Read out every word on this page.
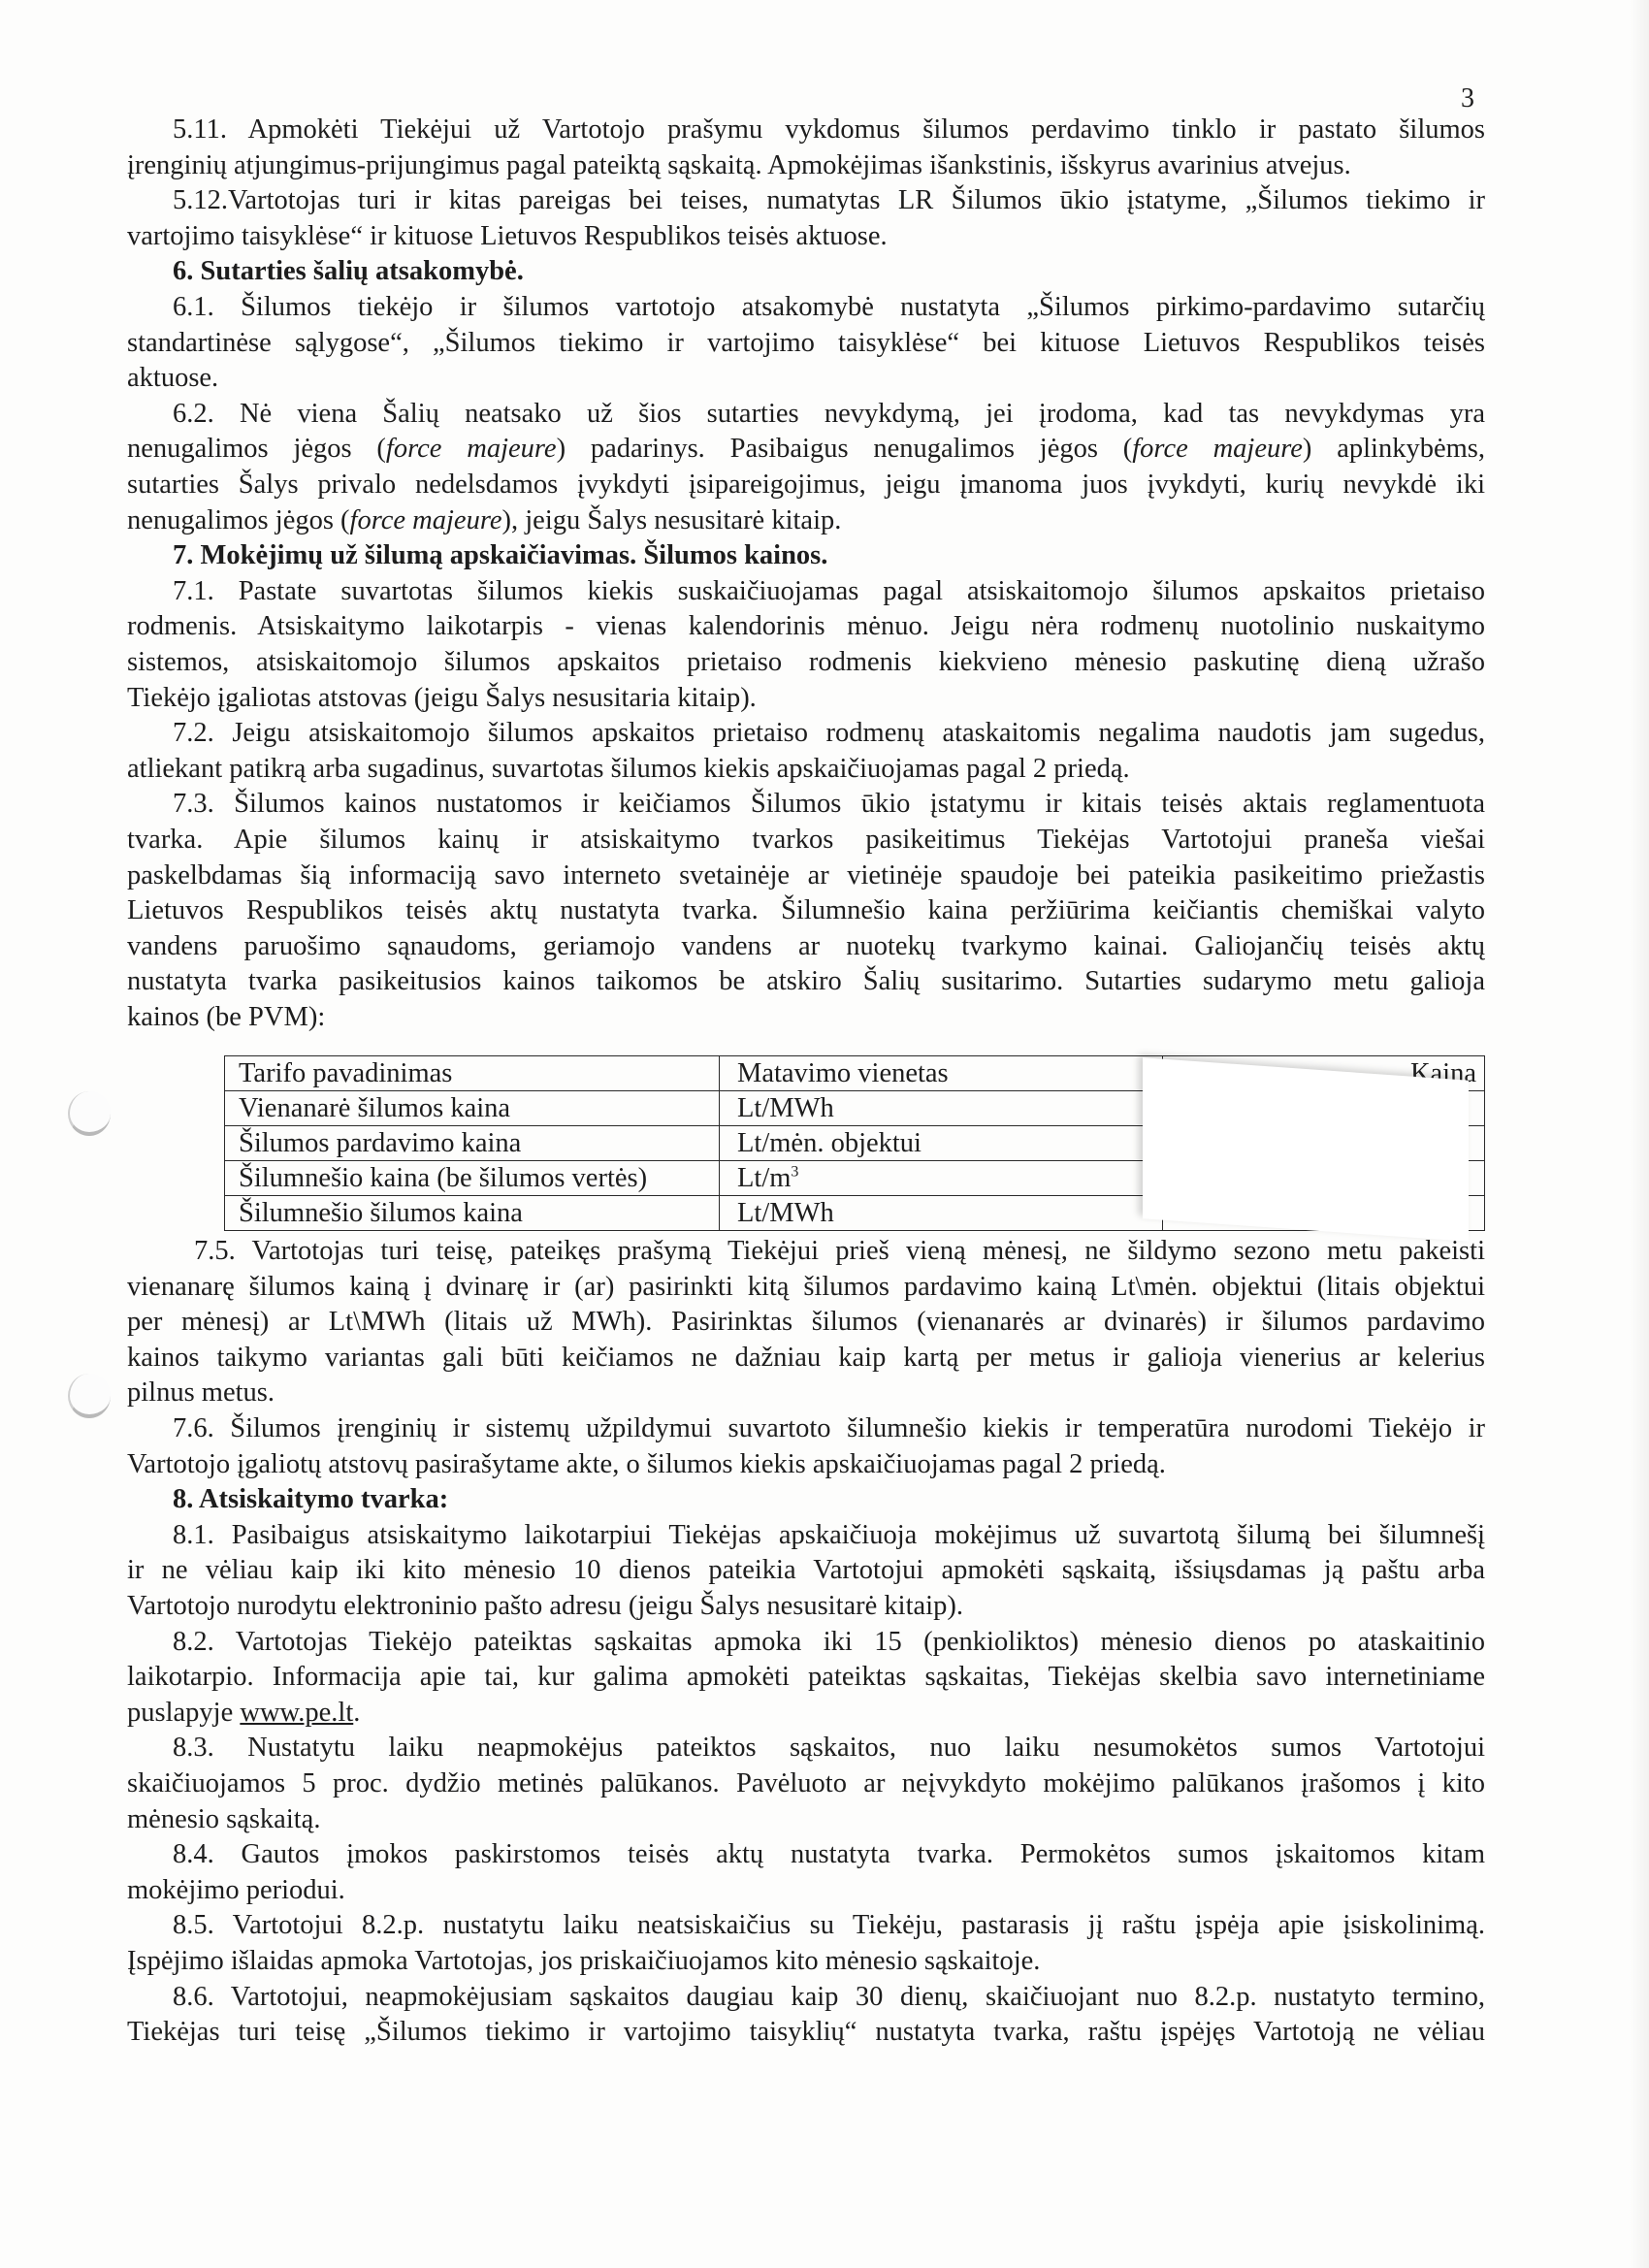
3
5.11. Apmokėti Tiekėjui už Vartotojo prašymu vykdomus šilumos perdavimo tinklo ir pastato šilumos
įrenginių atjungimus-prijungimus pagal pateiktą sąskaitą. Apmokėjimas išankstinis, išskyrus avarinius atvejus.
5.12.Vartotojas turi ir kitas pareigas bei teises, numatytas LR Šilumos ūkio įstatyme, „Šilumos tiekimo ir
vartojimo taisyklėse“ ir kituose Lietuvos Respublikos teisės aktuose.
6. Sutarties šalių atsakomybė.
6.1. Šilumos tiekėjo ir šilumos vartotojo atsakomybė nustatyta „Šilumos pirkimo-pardavimo sutarčių
standartinėse sąlygose“, „Šilumos tiekimo ir vartojimo taisyklėse“ bei kituose Lietuvos Respublikos teisės
aktuose.
6.2. Nė viena Šalių neatsako už šios sutarties nevykdymą, jei įrodoma, kad tas nevykdymas yra
nenugalimos jėgos (force majeure) padarinys. Pasibaigus nenugalimos jėgos (force majeure) aplinkybėms,
sutarties Šalys privalo nedelsdamos įvykdyti įsipareigojimus, jeigu įmanoma juos įvykdyti, kurių nevykdė iki
nenugalimos jėgos (force majeure), jeigu Šalys nesusitarė kitaip.
7. Mokėjimų už šilumą apskaičiavimas. Šilumos kainos.
7.1. Pastate suvartotas šilumos kiekis suskaičiuojamas pagal atsiskaitomojo šilumos apskaitos prietaiso
rodmenis. Atsiskaitymo laikotarpis - vienas kalendorinis mėnuo. Jeigu nėra rodmenų nuotolinio nuskaitymo
sistemos, atsiskaitomojo šilumos apskaitos prietaiso rodmenis kiekvieno mėnesio paskutinę dieną užrašo
Tiekėjo įgaliotas atstovas (jeigu Šalys nesusitaria kitaip).
7.2. Jeigu atsiskaitomojo šilumos apskaitos prietaiso rodmenų ataskaitomis negalima naudotis jam sugedus,
atliekant patikrą arba sugadinus, suvartotas šilumos kiekis apskaičiuojamas pagal 2 priedą.
7.3. Šilumos kainos nustatomos ir keičiamos Šilumos ūkio įstatymu ir kitais teisės aktais reglamentuota
tvarka. Apie šilumos kainų ir atsiskaitymo tvarkos pasikeitimus Tiekėjas Vartotojui praneša viešai
paskelbdamas šią informaciją savo interneto svetainėje ar vietinėje spaudoje bei pateikia pasikeitimo priežastis
Lietuvos Respublikos teisės aktų nustatyta tvarka. Šilumnešio kaina peržiūrima keičiantis chemiškai valyto
vandens paruošimo sąnaudoms, geriamojo vandens ar nuotekų tvarkymo kainai. Galiojančių teisės aktų
nustatyta tvarka pasikeitusios kainos taikomos be atskiro Šalių susitarimo. Sutarties sudarymo metu galioja
kainos (be PVM):
Tarifo pavadinimas	Matavimo vienetas	Kaina
Vienanarė šilumos kaina	Lt/MWh	
Šilumos pardavimo kaina	Lt/mėn. objektui	
Šilumnešio kaina (be šilumos vertės)	$Lt/m^3$	
Šilumnešio šilumos kaina	Lt/MWh	
7.5. Vartotojas turi teisę, pateikęs prašymą Tiekėjui prieš vieną mėnesį, ne šildymo sezono metu pakeisti
vienanarę šilumos kainą į dvinarę ir (ar) pasirinkti kitą šilumos pardavimo kainą Lt\mėn. objektui (litais objektui
per mėnesį) ar Lt\MWh (litais už MWh). Pasirinktas šilumos (vienanarės ar dvinarės) ir šilumos pardavimo
kainos taikymo variantas gali būti keičiamos ne dažniau kaip kartą per metus ir galioja vienerius ar kelerius
pilnus metus.
7.6. Šilumos įrenginių ir sistemų užpildymui suvartoto šilumnešio kiekis ir temperatūra nurodomi Tiekėjo ir
Vartotojo įgaliotų atstovų pasirašytame akte, o šilumos kiekis apskaičiuojamas pagal 2 priedą.
8. Atsiskaitymo tvarka:
8.1. Pasibaigus atsiskaitymo laikotarpiui Tiekėjas apskaičiuoja mokėjimus už suvartotą šilumą bei šilumnešį
ir ne vėliau kaip iki kito mėnesio 10 dienos pateikia Vartotojui apmokėti sąskaitą, išsiųsdamas ją paštu arba
Vartotojo nurodytu elektroninio pašto adresu (jeigu Šalys nesusitarė kitaip).
8.2. Vartotojas Tiekėjo pateiktas sąskaitas apmoka iki 15 (penkioliktos) mėnesio dienos po ataskaitinio
laikotarpio. Informacija apie tai, kur galima apmokėti pateiktas sąskaitas, Tiekėjas skelbia savo internetiniame
puslapyje www.pe.lt.
8.3. Nustatytu laiku neapmokėjus pateiktos sąskaitos, nuo laiku nesumokėtos sumos Vartotojui
skaičiuojamos 5 proc. dydžio metinės palūkanos. Pavėluoto ar neįvykdyto mokėjimo palūkanos įrašomos į kito
mėnesio sąskaitą.
8.4. Gautos įmokos paskirstomos teisės aktų nustatyta tvarka. Permokėtos sumos įskaitomos kitam
mokėjimo periodui.
8.5. Vartotojui 8.2.p. nustatytu laiku neatsiskaičius su Tiekėju, pastarasis jį raštu įspėja apie įsiskolinimą.
Įspėjimo išlaidas apmoka Vartotojas, jos priskaičiuojamos kito mėnesio sąskaitoje.
8.6. Vartotojui, neapmokėjusiam sąskaitos daugiau kaip 30 dienų, skaičiuojant nuo 8.2.p. nustatyto termino,
Tiekėjas turi teisę „Šilumos tiekimo ir vartojimo taisyklių“ nustatyta tvarka, raštu įspėjęs Vartotoją ne vėliau
